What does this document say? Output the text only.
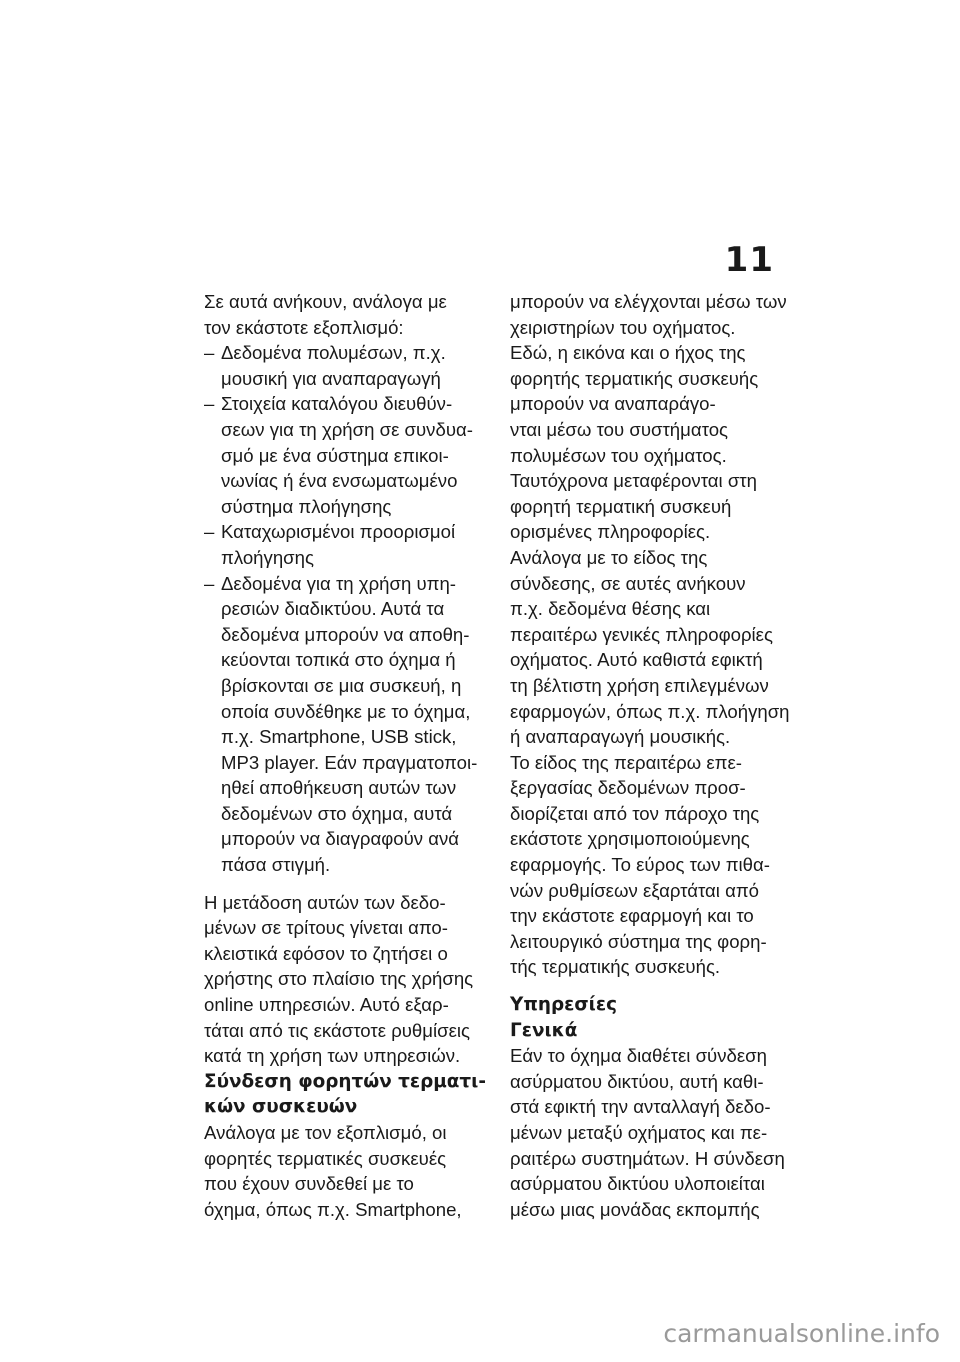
11
Σε αυτά ανήκουν, ανάλογα με
τον εκάστοτε εξοπλισμό:
– Δεδομένα πολυμέσων, π.χ.
μουσική για αναπαραγωγή
– Στοιχεία καταλόγου διευθύν-
σεων για τη χρήση σε συνδυα-
σμό με ένα σύστημα επικοι-
νωνίας ή ένα ενσωματωμένο
σύστημα πλοήγησης
– Καταχωρισμένοι προορισμοί
πλοήγησης
– Δεδομένα για τη χρήση υπη-
ρεσιών διαδικτύου. Αυτά τα
δεδομένα μπορούν να αποθη-
κεύονται τοπικά στο όχημα ή
βρίσκονται σε μια συσκευή, η
οποία συνδέθηκε με το όχημα,
π.χ. Smartphone, USB stick,
MP3 player. Εάν πραγματοποι-
ηθεί αποθήκευση αυτών των
δεδομένων στο όχημα, αυτά
μπορούν να διαγραφούν ανά
πάσα στιγμή.
Η μετάδοση αυτών των δεδο-
μένων σε τρίτους γίνεται απο-
κλειστικά εφόσον το ζητήσει ο
χρήστης στο πλαίσιο της χρήσης
online υπηρεσιών. Αυτό εξαρ-
τάται από τις εκάστοτε ρυθμίσεις
κατά τη χρήση των υπηρεσιών.
Σύνδεση φορητών τερματι-
κών συσκευών
Ανάλογα με τον εξοπλισμό, οι
φορητές τερματικές συσκευές
που έχουν συνδεθεί με το
όχημα, όπως π.χ. Smartphone,
μπορούν να ελέγχονται μέσω των
χειριστηρίων του οχήματος.
Εδώ, η εικόνα και ο ήχος της
φορητής τερματικής συσκευής
μπορούν να αναπαράγο-
νται μέσω του συστήματος
πολυμέσων του οχήματος.
Ταυτόχρονα μεταφέρονται στη
φορητή τερματική συσκευή
ορισμένες πληροφορίες.
Ανάλογα με το είδος της
σύνδεσης, σε αυτές ανήκουν
π.χ. δεδομένα θέσης και
περαιτέρω γενικές πληροφορίες
οχήματος. Αυτό καθιστά εφικτή
τη βέλτιστη χρήση επιλεγμένων
εφαρμογών, όπως π.χ. πλοήγηση
ή αναπαραγωγή μουσικής.
Το είδος της περαιτέρω επε-
ξεργασίας δεδομένων προσ-
διορίζεται από τον πάροχο της
εκάστοτε χρησιμοποιούμενης
εφαρμογής. Το εύρος των πιθα-
νών ρυθμίσεων εξαρτάται από
την εκάστοτε εφαρμογή και το
λειτουργικό σύστημα της φορη-
τής τερματικής συσκευής.
Υπηρεσίες
Γενικά
Εάν το όχημα διαθέτει σύνδεση
ασύρματου δικτύου, αυτή καθι-
στά εφικτή την ανταλλαγή δεδο-
μένων μεταξύ οχήματος και πε-
ραιτέρω συστημάτων. Η σύνδεση
ασύρματου δικτύου υλοποιείται
μέσω μιας μονάδας εκπομπής
carmanualsonline.info
